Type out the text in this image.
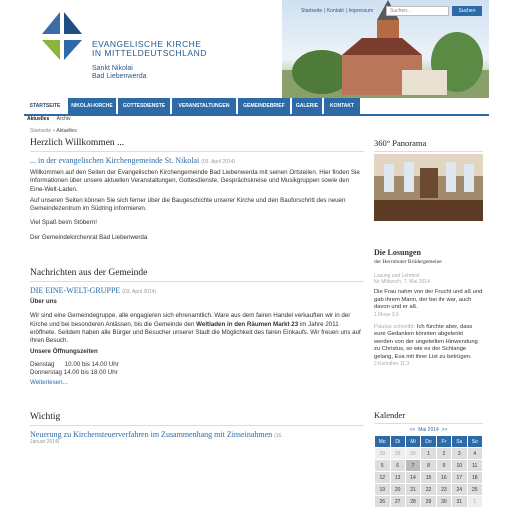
EVANGELISCHE KIRCHE
IN MITTELDEUTSCHLAND
Sankt Nikolai
Bad Liebenwerda
Startseite | Kontakt | Impressum	Suchen...	Suchen
STARTSEITE	NIKOLAI-KIRCHE	GOTTESDIENSTE	VERANSTALTUNGEN	GEMEINDEBRIEF	GALERIE	KONTAKT
Aktuelles Archiv
Startseite » Aktuelles
Herzlich Willkommen ...
... in der evangelischen Kirchengemeinde St. Nikolai (03. April 2014)

Willkommen auf den Seiten der Evangelischen Kirchengemeinde Bad Liebenwerda mit seinen Ortsteilen. Hier finden Sie Informationen über unsere aktuellen Veranstaltungen, Gottesdienste, Gesprächskreise und Musikgruppen sowie den Eine-Welt-Laden.

Auf unseren Seiten können Sie sich ferner über die Baugeschichte unserer Kirche und den Bauforschritt des neuen Gemeindezentrum im Südring informieren.

Viel Spaß beim Stöbern!

Der Gemeindekirchenrat Bad Liebenwerda

Nachrichten aus der Gemeinde
DIE EINE-WELT-GRUPPE (03. April 2014)

Über uns

Wir sind eine Gemeindegruppe, alle engagieren sich ehrenamtlich. Ware aus dem fairen Handel verkauften wir in der Kirche und bei besonderen Anlässen, bis die Gemeinde den Weltladen in den Räumen Markt 23 im Jahre 2011 eröffnete. Seitdem haben alle Bürger und Besucher unserer Stadt die Möglichkeit des fairen Einkaufs. Wir freuen uns auf Ihren Besuch.

Unsere Öffnungszeiten

Dienstag      10.00 bis 14.00 Uhr

Donnerstag 14.00 bis 18.00 Uhr

Weiterlesen...

Wichtig
Neuerung zu Kirchensteuerverfahren im Zusammenhang mit Zinseinahmen (16.
Januar 2014)
360° Panorama
Die Losungen
der Herrnhuter Brüdergemeine
Losung und Lehrtext
für Mittwoch, 7. Mai 2014

Die Frau nahm von der Frucht und aß und gab ihrem Mann, der bei ihr war, auch davon und er aß.

1.Mose 3,6

Paulus schreibt: Ich fürchte aber, dass eure Gedanken könnten abgelenkt werden von der ungeteilten Hinwendung zu Christus, so wie es der Schlange gelang, Eva mit ihrer List zu betrügen.

2.Korinther 11,3
Kalender
<<  Mai 2014  >>
Mo	Di	Mi	Do	Fr	Sa	So
28	29	30	1	2	3	4
5	6	7	8	9	10	11
12	13	14	15	16	17	18
19	20	21	22	23	24	25
26	27	28	29	30	31	1
